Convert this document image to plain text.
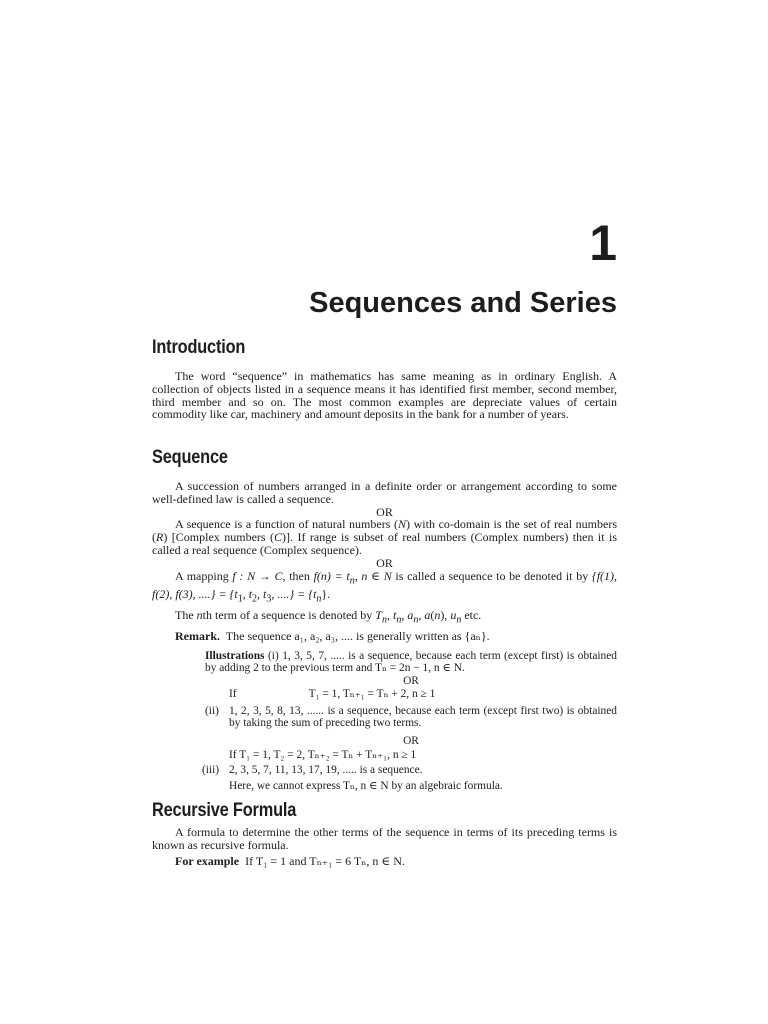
1
Sequences and Series
Introduction

The word “sequence” in mathematics has same meaning as in ordinary English. A collection of objects listed in a sequence means it has identified first member, second member, third member and so on. The most common examples are depreciate values of certain commodity like car, machinery and amount deposits in the bank for a number of years.

Sequence

A succession of numbers arranged in a definite order or arrangement according to some well-defined law is called a sequence.

OR

A sequence is a function of natural numbers (N) with co-domain is the set of real numbers (R) [Complex numbers (C)]. If range is subset of real numbers (Complex numbers) then it is called a real sequence (Complex sequence).

OR

A mapping f : N → C, then $f(n) = t_n$, n ∈ N is called a sequence to be denoted it by {f(1), f(2), f(3), ....} = {$t_1$, $t_2$, $t_3$, ....} = $\{t_n\}$.

The nth term of a sequence is denoted by $T_n$, $t_n$, $a_n$, a(n), $u_n$ etc.

Remark. The sequence a₁, a₂, a₃, .... is generally written as {aₙ}.

Illustrations (i) 1, 3, 5, 7, ..... is a sequence, because each term (except first) is obtained by adding 2 to the previous term and Tₙ = 2n − 1, n ∈ N.

OR

If	T₁ = 1, Tₙ₊₁ = Tₙ + 2, n ≥ 1

(ii) 1, 2, 3, 5, 8, 13, ...... is a sequence, because each term (except first two) is obtained by taking the sum of preceding two terms.

OR

If T₁ = 1, T₂ = 2, Tₙ₊₂ = Tₙ + Tₙ₊₁, n ≥ 1

(iii) 2, 3, 5, 7, 11, 13, 17, 19, ..... is a sequence.

Here, we cannot express Tₙ, n ∈ N by an algebraic formula.

Recursive Formula

A formula to determine the other terms of the sequence in terms of its preceding terms is known as recursive formula.

For example If T₁ = 1 and Tₙ₊₁ = 6 Tₙ, n ∈ N.
